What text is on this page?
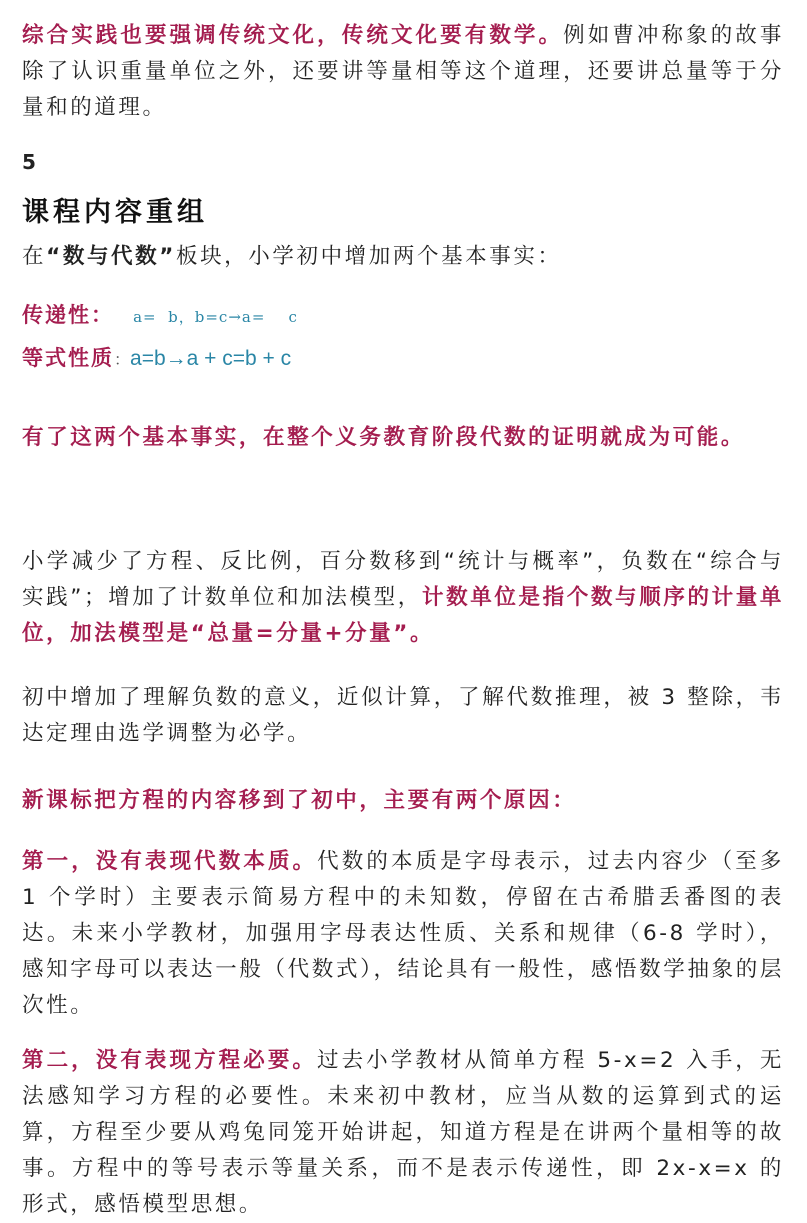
综合实践也要强调传统文化，传统文化要有数学。例如曹冲称象的故事除了认识重量单位之外，还要讲等量相等这个道理，还要讲总量等于分量和的道理。
5
课程内容重组
在“数与代数”板块，小学初中增加两个基本事实：
传递性： a=  b，b=c→a=    c
等式性质：a=b→a + c=b + c
有了这两个基本事实，在整个义务教育阶段代数的证明就成为可能。
小学减少了方程、反比例，百分数移到“统计与概率”，负数在“综合与实践”；增加了计数单位和加法模型，计数单位是指个数与顺序的计量单位，加法模型是“总量=分量+分量”。
初中增加了理解负数的意义，近似计算，了解代数推理，被 3 整除，韦达定理由选学调整为必学。
新课标把方程的内容移到了初中，主要有两个原因：
第一，没有表现代数本质。代数的本质是字母表示，过去内容少（至多 1 个学时）主要表示简易方程中的未知数，停留在古希腊丢番图的表达。未来小学教材，加强用字母表达性质、关系和规律（6-8 学时），感知字母可以表达一般（代数式），结论具有一般性，感悟数学抽象的层次性。
第二，没有表现方程必要。过去小学教材从简单方程 5-x=2 入手，无法感知学习方程的必要性。未来初中教材，应当从数的运算到式的运算，方程至少要从鸡兔同笼开始讲起，知道方程是在讲两个量相等的故事。方程中的等号表示等量关系，而不是表示传递性，即 2x-x=x 的形式，感悟模型思想。
